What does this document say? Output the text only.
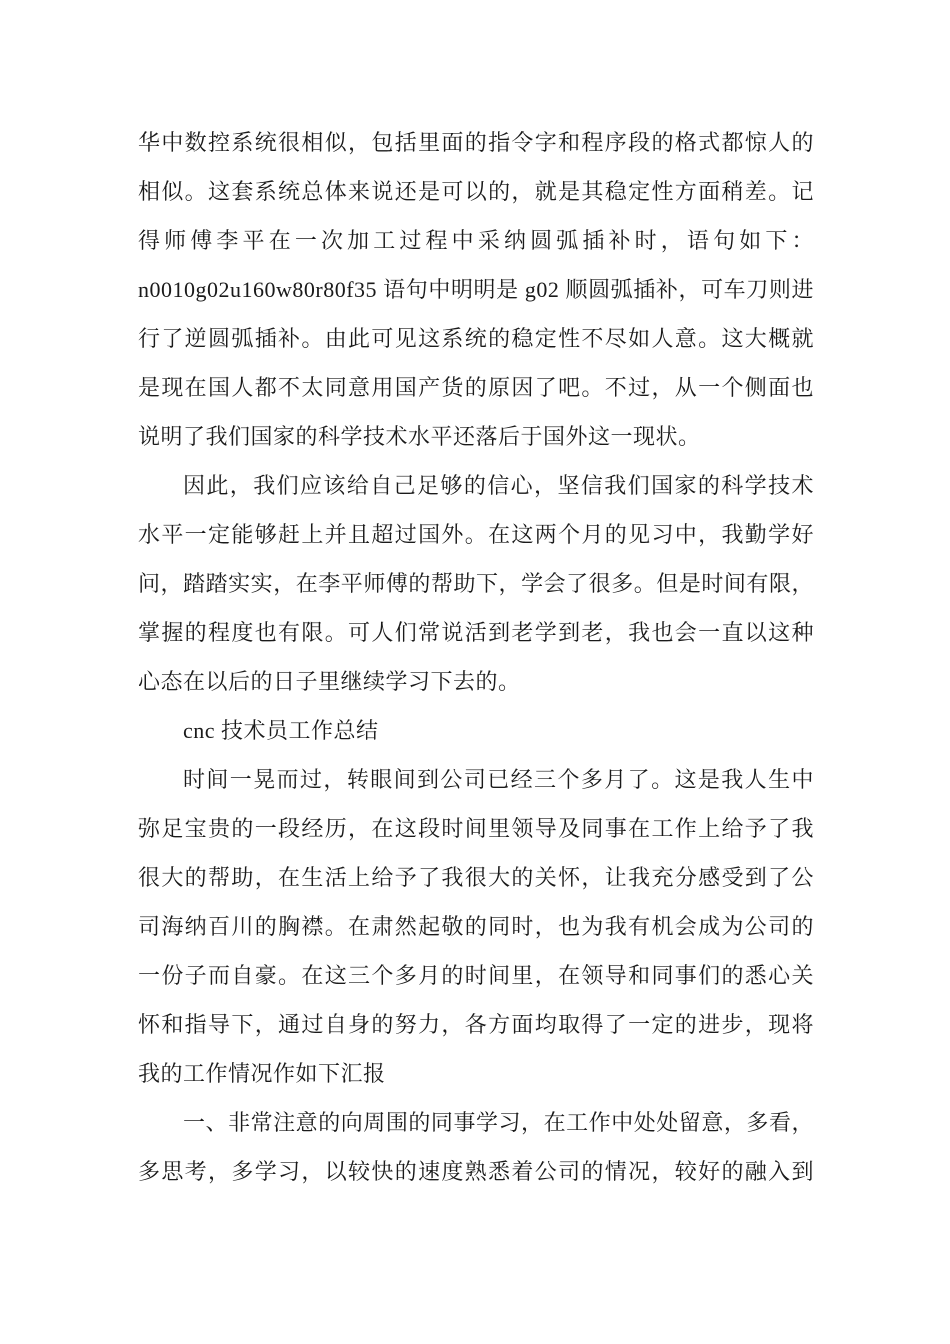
华中数控系统很相似，包括里面的指令字和程序段的格式都惊人的
相似。这套系统总体来说还是可以的，就是其稳定性方面稍差。记
得师傅李平在一次加工过程中采纳圆弧插补时，语句如下：
n0010g02u160w80r80f35 语句中明明是 g02 顺圆弧插补，可车刀则进
行了逆圆弧插补。由此可见这系统的稳定性不尽如人意。这大概就
是现在国人都不太同意用国产货的原因了吧。不过，从一个侧面也
说明了我们国家的科学技术水平还落后于国外这一现状。
因此，我们应该给自己足够的信心，坚信我们国家的科学技术
水平一定能够赶上并且超过国外。在这两个月的见习中，我勤学好
问，踏踏实实，在李平师傅的帮助下，学会了很多。但是时间有限，
掌握的程度也有限。可人们常说活到老学到老，我也会一直以这种
心态在以后的日子里继续学习下去的。
cnc 技术员工作总结
时间一晃而过，转眼间到公司已经三个多月了。这是我人生中
弥足宝贵的一段经历，在这段时间里领导及同事在工作上给予了我
很大的帮助，在生活上给予了我很大的关怀，让我充分感受到了公
司海纳百川的胸襟。在肃然起敬的同时，也为我有机会成为公司的
一份子而自豪。在这三个多月的时间里，在领导和同事们的悉心关
怀和指导下，通过自身的努力，各方面均取得了一定的进步，现将
我的工作情况作如下汇报
一、非常注意的向周围的同事学习，在工作中处处留意，多看，
多思考，多学习，以较快的速度熟悉着公司的情况，较好的融入到
